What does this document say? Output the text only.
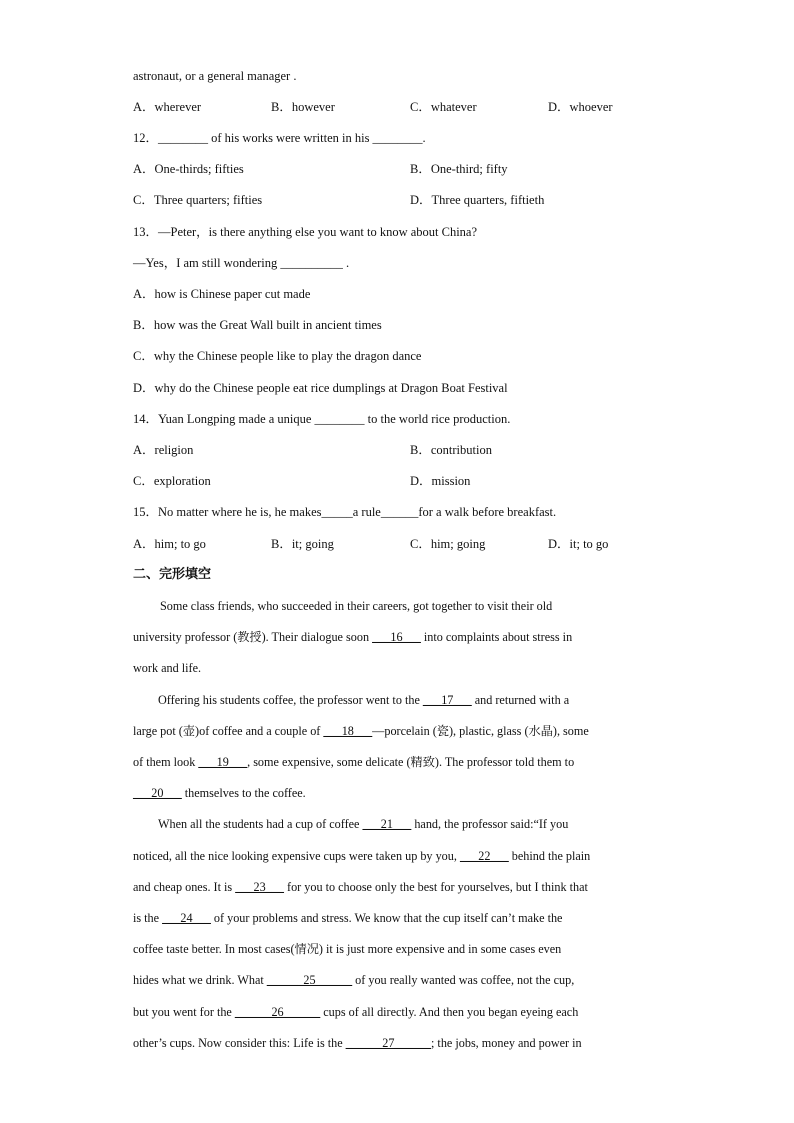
astronaut, or a general manager .
A．wherever	B．however	C．whatever	D．whoever
12．________ of his works were written in his ________.
A．One-thirds; fifties	B．One-third; fifty
C．Three quarters; fifties	D．Three quarters, fiftieth
13．—Peter，is there anything else you want to know about China?
—Yes，I am still wondering __________ .
A．how is Chinese paper cut made
B．how was the Great Wall built in ancient times
C．why the Chinese people like to play the dragon dance
D．why do the Chinese people eat rice dumplings at Dragon Boat Festival
14．Yuan Longping made a unique ________ to the world rice production.
A．religion	B．contribution
C．exploration	D．mission
15．No matter where he is, he makes_____a rule______for a walk before breakfast.
A．him; to go	B．it; going	C．him; going	D．it; to go
二、完形填空
Some class friends, who succeeded in their careers, got together to visit their old
university professor (教授). Their dialogue soon ___16___ into complaints about stress in
work and life.
Offering his students coffee, the professor went to the ___17___ and returned with a
large pot (壶)of coffee and a couple of ___18___—porcelain (瓷), plastic, glass (水晶), some
of them look ___19___, some expensive, some delicate (精致). The professor told them to
___20___ themselves to the coffee.
When all the students had a cup of coffee ___21___ hand, the professor said:“If you
noticed, all the nice looking expensive cups were taken up by you, ___22___ behind the plain
and cheap ones. It is ___23___ for you to choose only the best for yourselves, but I think that
is the ___24___ of your problems and stress. We know that the cup itself can’t make the
coffee taste better. In most cases(情况) it is just more expensive and in some cases even
hides what we drink. What ______25______ of you really wanted was coffee, not the cup,
but you went for the ______26______ cups of all directly. And then you began eyeing each
other’s cups. Now consider this: Life is the ______27______; the jobs, money and power in
